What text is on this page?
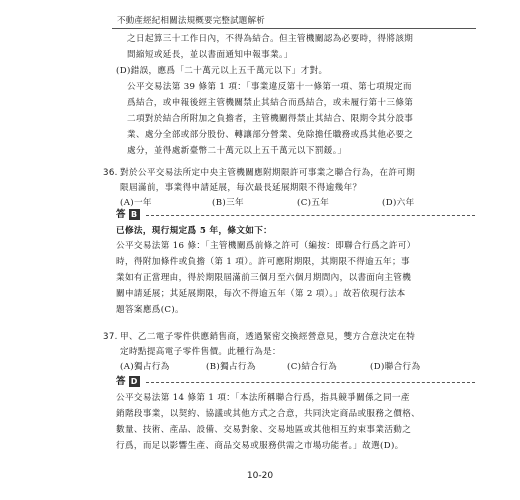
不動產經紀相關法規概要完整試題解析
之日起算三十工作日內，不得為結合。但主管機關認為必要時，得將該期
間縮短或延長，並以書面通知申報事業。」
(D)錯誤，應爲「二十萬元以上五千萬元以下」才對。
公平交易法第 39 條第 1 項：「事業違反第十一條第一項、第七項規定而
爲結合，或申報後經主管機關禁止其結合而爲結合，或未履行第十三條第
二項對於結合所附加之負擔者，主管機關得禁止其結合、限期令其分設事
業、處分全部或部分股份、轉讓部分營業、免除擔任職務或爲其他必要之
處分，並得處新臺幣二十萬元以上五千萬元以下罰鍰。」
36. 對於公平交易法所定中央主管機關應附期限許可事業之聯合行為，在許可期
限屆滿前，事業得申請延展，每次最長延展期限不得逾幾年？
(A)一年	(B)三年	(C)五年	(D)六年
答 B
已修法，現行規定爲 5 年，條文如下：
公平交易法第 16 條：「主管機關爲前條之許可（編按：即聯合行爲之許可）
時，得附加條件或負擔（第 1 項）。許可應附期限，其期限不得逾五年；事
業如有正當理由，得於期限屆滿前三個月至六個月期間內，以書面向主管機
關申請延展；其延展期限，每次不得逾五年（第 2 項）。」故若依現行法本
題答案應爲(C)。
37. 甲、乙二電子零件供應銷售商，透過緊密交換經營意見，雙方合意決定在特
定時點提高電子零件售價。此種行為是：
(A)獨占行為	(B)獨占行為	(C)結合行為	(D)聯合行為
答 D
公平交易法第 14 條第 1 項：「本法所稱聯合行爲，指具競爭關係之同一產
銷階段事業，以契約、協議或其他方式之合意，共同決定商品或服務之價格、
數量、技術、產品、設備、交易對象、交易地區或其他相互約束事業活動之
行爲，而足以影響生產、商品交易或服務供需之市場功能者。」故選(D)。
10-20
